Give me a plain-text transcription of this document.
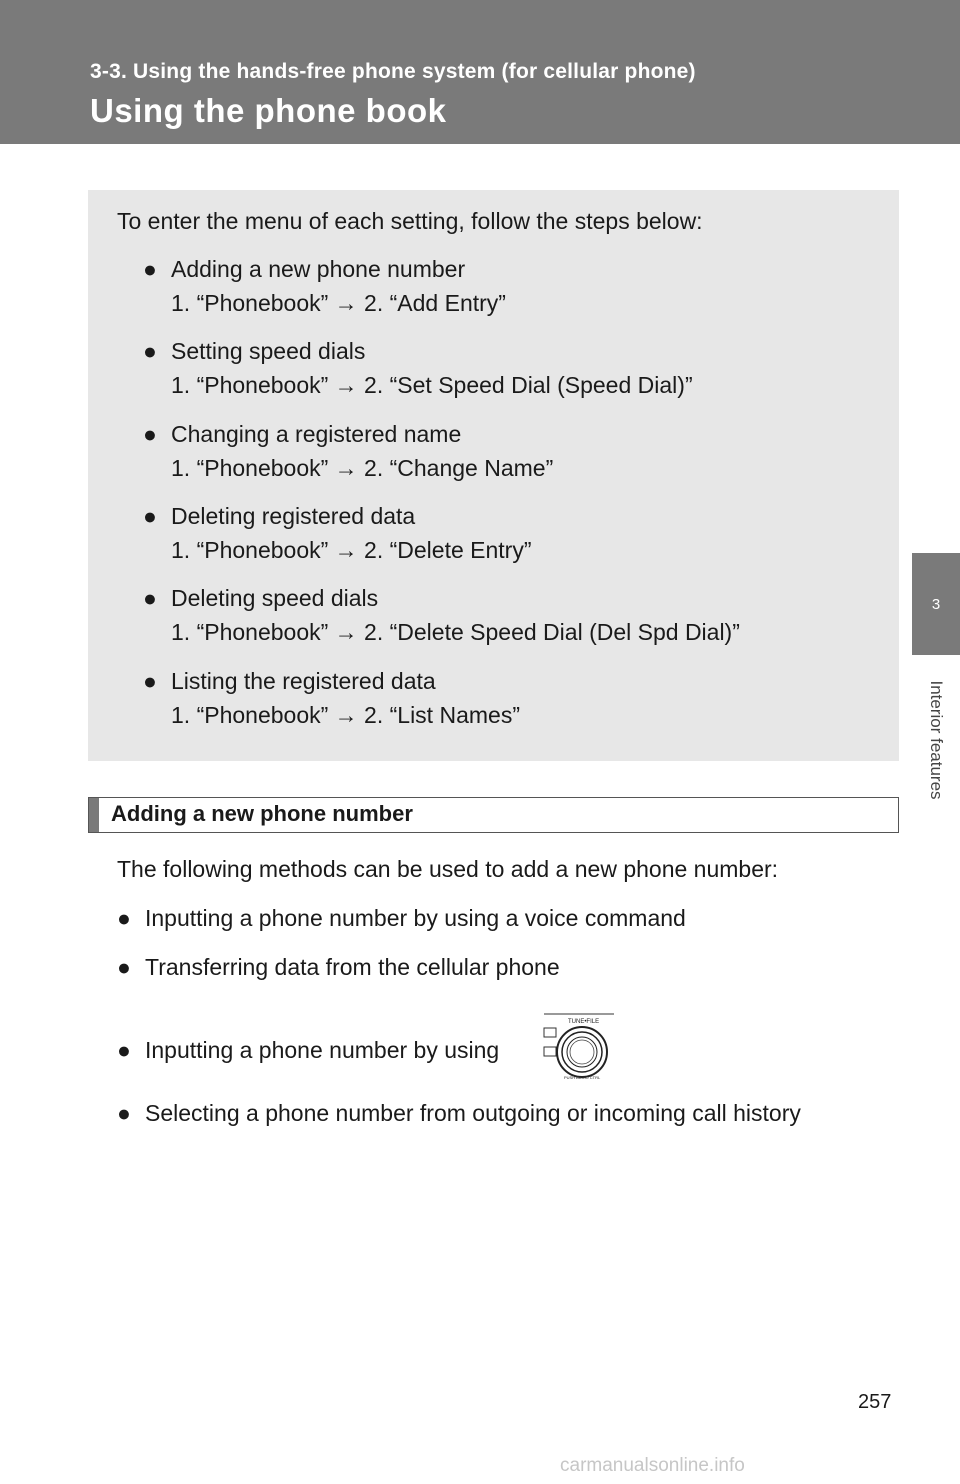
3-3. Using the hands-free phone system (for cellular phone)
Using the phone book
3
Interior features

To enter the menu of each setting, follow the steps below:

● Adding a new phone number
1. “Phonebook” → 2. “Add Entry”
● Setting speed dials
1. “Phonebook” → 2. “Set Speed Dial (Speed Dial)”
● Changing a registered name
1. “Phonebook” → 2. “Change Name”
● Deleting registered data
1. “Phonebook” → 2. “Delete Entry”
● Deleting speed dials
1. “Phonebook” → 2. “Delete Speed Dial (Del Spd Dial)”
● Listing the registered data
1. “Phonebook” → 2. “List Names”
Adding a new phone number
The following methods can be used to add a new phone number:
● Inputting a phone number by using a voice command
● Transferring data from the cellular phone
● Inputting a phone number by using
● Selecting a phone number from outgoing or incoming call history
TUNE•FILE
PUSH AUDIO CTRL
257
carmanualsonline.info
